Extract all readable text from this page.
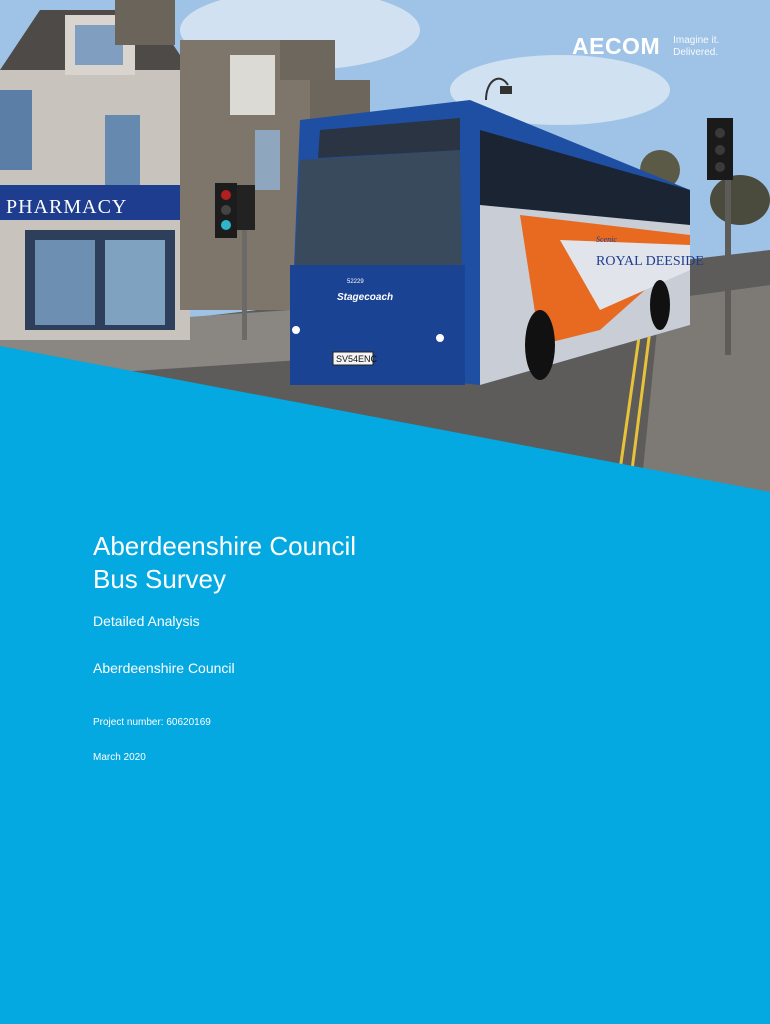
PHARMACY
ROYAL DEESIDE
Scenic
Stagecoach
52229
SV54ENC
AECOM Imagine it.
Delivered.
Aberdeenshire Council
Bus Survey
Detailed Analysis
Aberdeenshire Council
Project number: 60620169
March 2020
